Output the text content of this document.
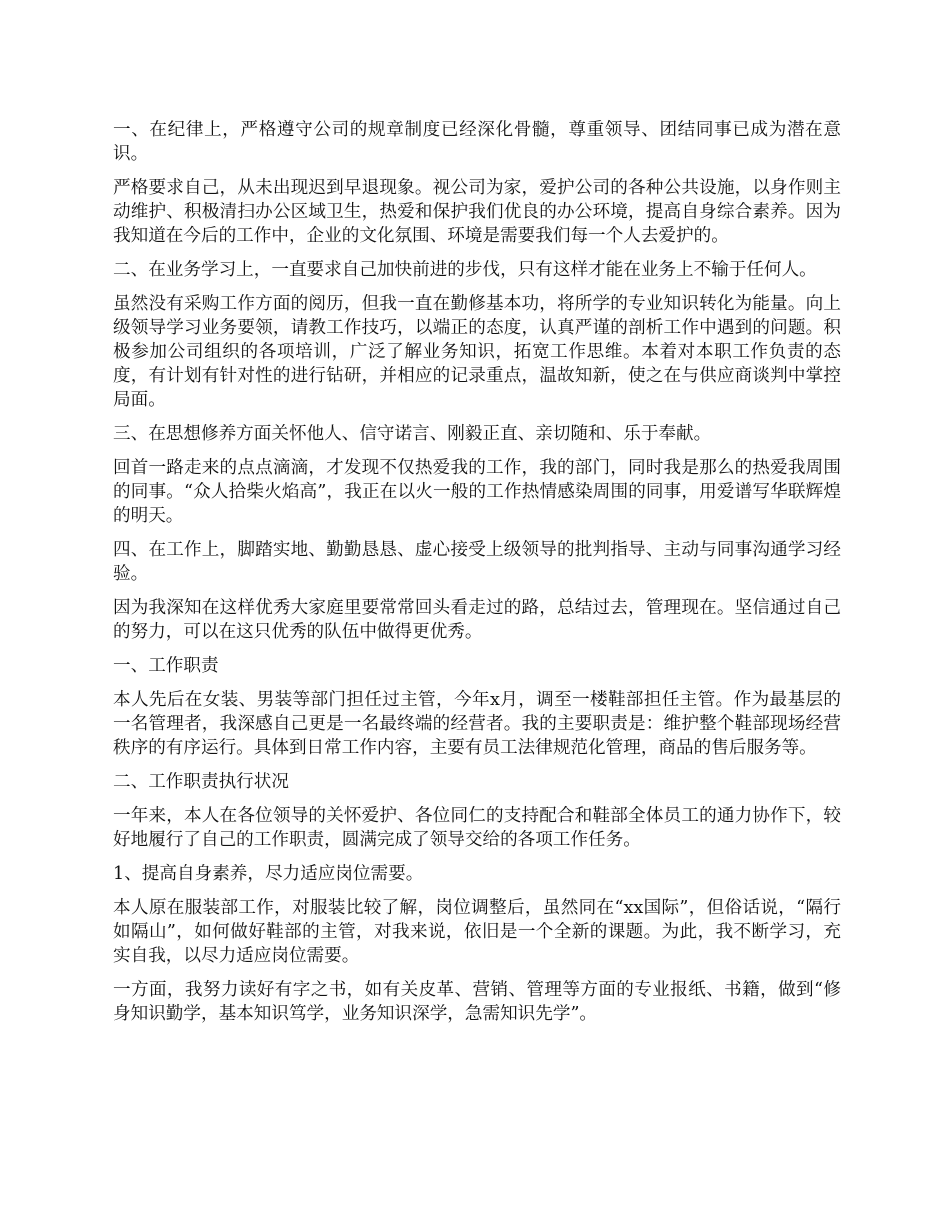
一、在纪律上，严格遵守公司的规章制度已经深化骨髓，尊重领导、团结同事已成为潜在意识。

严格要求自己，从未出现迟到早退现象。视公司为家，爱护公司的各种公共设施，以身作则主动维护、积极清扫办公区域卫生，热爱和保护我们优良的办公环境，提高自身综合素养。因为我知道在今后的工作中，企业的文化氛围、环境是需要我们每一个人去爱护的。

二、在业务学习上，一直要求自己加快前进的步伐，只有这样才能在业务上不输于任何人。

虽然没有采购工作方面的阅历，但我一直在勤修基本功，将所学的专业知识转化为能量。向上级领导学习业务要领，请教工作技巧，以端正的态度，认真严谨的剖析工作中遇到的问题。积极参加公司组织的各项培训，广泛了解业务知识，拓宽工作思维。本着对本职工作负责的态度，有计划有针对性的进行钻研，并相应的记录重点，温故知新，使之在与供应商谈判中掌控局面。

三、在思想修养方面关怀他人、信守诺言、刚毅正直、亲切随和、乐于奉献。

回首一路走来的点点滴滴，才发现不仅热爱我的工作，我的部门，同时我是那么的热爱我周围的同事。“众人拾柴火焰高”，我正在以火一般的工作热情感染周围的同事，用爱谱写华联辉煌的明天。

四、在工作上，脚踏实地、勤勤恳恳、虚心接受上级领导的批判指导、主动与同事沟通学习经验。

因为我深知在这样优秀大家庭里要常常回头看走过的路，总结过去，管理现在。坚信通过自己的努力，可以在这只优秀的队伍中做得更优秀。

一、工作职责

本人先后在女装、男装等部门担任过主管，今年x月，调至一楼鞋部担任主管。作为最基层的一名管理者，我深感自己更是一名最终端的经营者。我的主要职责是：维护整个鞋部现场经营秩序的有序运行。具体到日常工作内容，主要有员工法律规范化管理，商品的售后服务等。

二、工作职责执行状况

一年来，本人在各位领导的关怀爱护、各位同仁的支持配合和鞋部全体员工的通力协作下，较好地履行了自己的工作职责，圆满完成了领导交给的各项工作任务。

1、提高自身素养，尽力适应岗位需要。

本人原在服装部工作，对服装比较了解，岗位调整后，虽然同在“xx国际”，但俗话说，“隔行如隔山”，如何做好鞋部的主管，对我来说，依旧是一个全新的课题。为此，我不断学习，充实自我，以尽力适应岗位需要。

一方面，我努力读好有字之书，如有关皮革、营销、管理等方面的专业报纸、书籍，做到“修身知识勤学，基本知识笃学，业务知识深学，急需知识先学”。
